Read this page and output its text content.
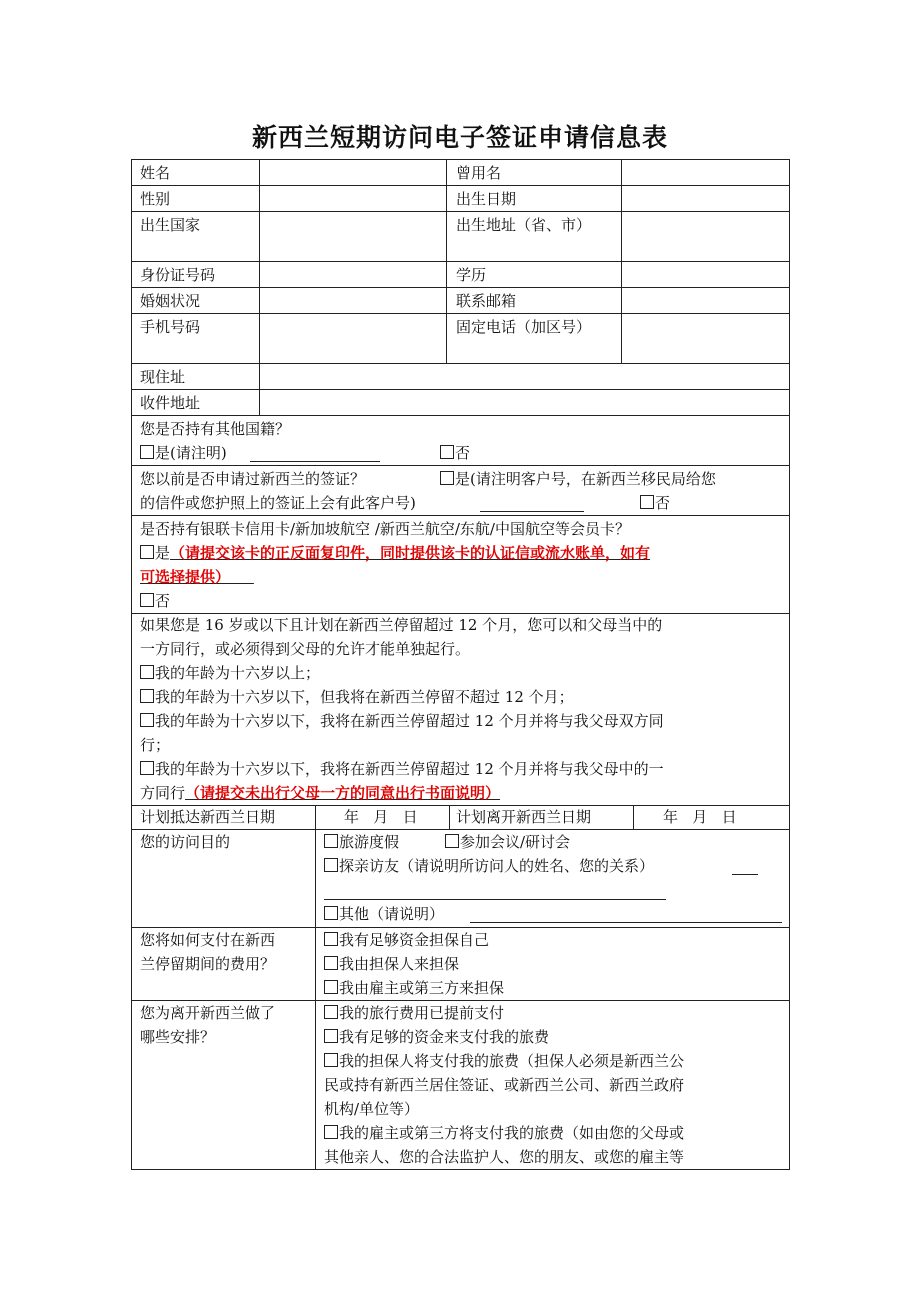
新西兰短期访问电子签证申请信息表
姓名	曾用名
性别	出生日期
出生国家	出生地址（省、市）
身份证号码	学历
婚姻状况	联系邮箱
手机号码	固定电话（加区号）
现住址
收件地址
您是否持有其他国籍？
是(请注明)	否
您以前是否申请过新西兰的签证？	是(请注明客户号，在新西兰移民局给您
的信件或您护照上的签证上会有此客户号)	否
是否持有银联卡信用卡/新加坡航空 /新西兰航空/东航/中国航空等会员卡？
是（请提交该卡的正反面复印件，同时提供该卡的认证信或流水账单，如有
可选择提供）
否
如果您是 16 岁或以下且计划在新西兰停留超过 12 个月，您可以和父母当中的
一方同行，或必须得到父母的允许才能单独起行。
我的年龄为十六岁以上；
我的年龄为十六岁以下，但我将在新西兰停留不超过 12 个月；
我的年龄为十六岁以下，我将在新西兰停留超过 12 个月并将与我父母双方同
行；
我的年龄为十六岁以下，我将在新西兰停留超过 12 个月并将与我父母中的一
方同行（请提交未出行父母一方的同意出行书面说明）
计划抵达新西兰日期	年   月   日	计划离开新西兰日期	年   月   日
您的访问目的	旅游度假	参加会议/研讨会
探亲访友（请说明所访问人的姓名、您的关系）
其他（请说明）
您将如何支付在新西
兰停留期间的费用？
我有足够资金担保自己
我由担保人来担保
我由雇主或第三方来担保
您为离开新西兰做了
哪些安排？
我的旅行费用已提前支付
我有足够的资金来支付我的旅费
我的担保人将支付我的旅费（担保人必须是新西兰公
民或持有新西兰居住签证、或新西兰公司、新西兰政府
机构/单位等）
我的雇主或第三方将支付我的旅费（如由您的父母或
其他亲人、您的合法监护人、您的朋友、或您的雇主等
